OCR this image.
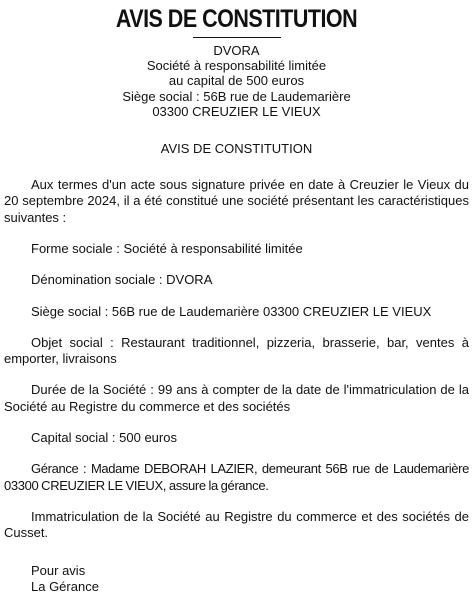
AVIS DE CONSTITUTION
DVORA
Société à responsabilité limitée
au capital de 500 euros
Siège social : 56B rue de Laudemarière
03300 CREUZIER LE VIEUX
AVIS DE CONSTITUTION

Aux termes d'un acte sous signature privée en date à Creuzier le Vieux du 20 septembre 2024, il a été constitué une société présentant les caractéristiques suivantes :

Forme sociale : Société à responsabilité limitée

Dénomination sociale : DVORA

Siège social : 56B rue de Laudemarière 03300 CREUZIER LE VIEUX

Objet social : Restaurant traditionnel, pizzeria, brasserie, bar, ventes à emporter, livraisons

Durée de la Société : 99 ans à compter de la date de l'immatriculation de la Société au Registre du commerce et des sociétés

Capital social : 500 euros

Gérance : Madame DEBORAH LAZIER, demeurant 56B rue de Laudemarière 03300 CREUZIER LE VIEUX, assure la gérance.

Immatriculation de la Société au Registre du commerce et des sociétés de Cusset.

Pour avis
La Gérance
